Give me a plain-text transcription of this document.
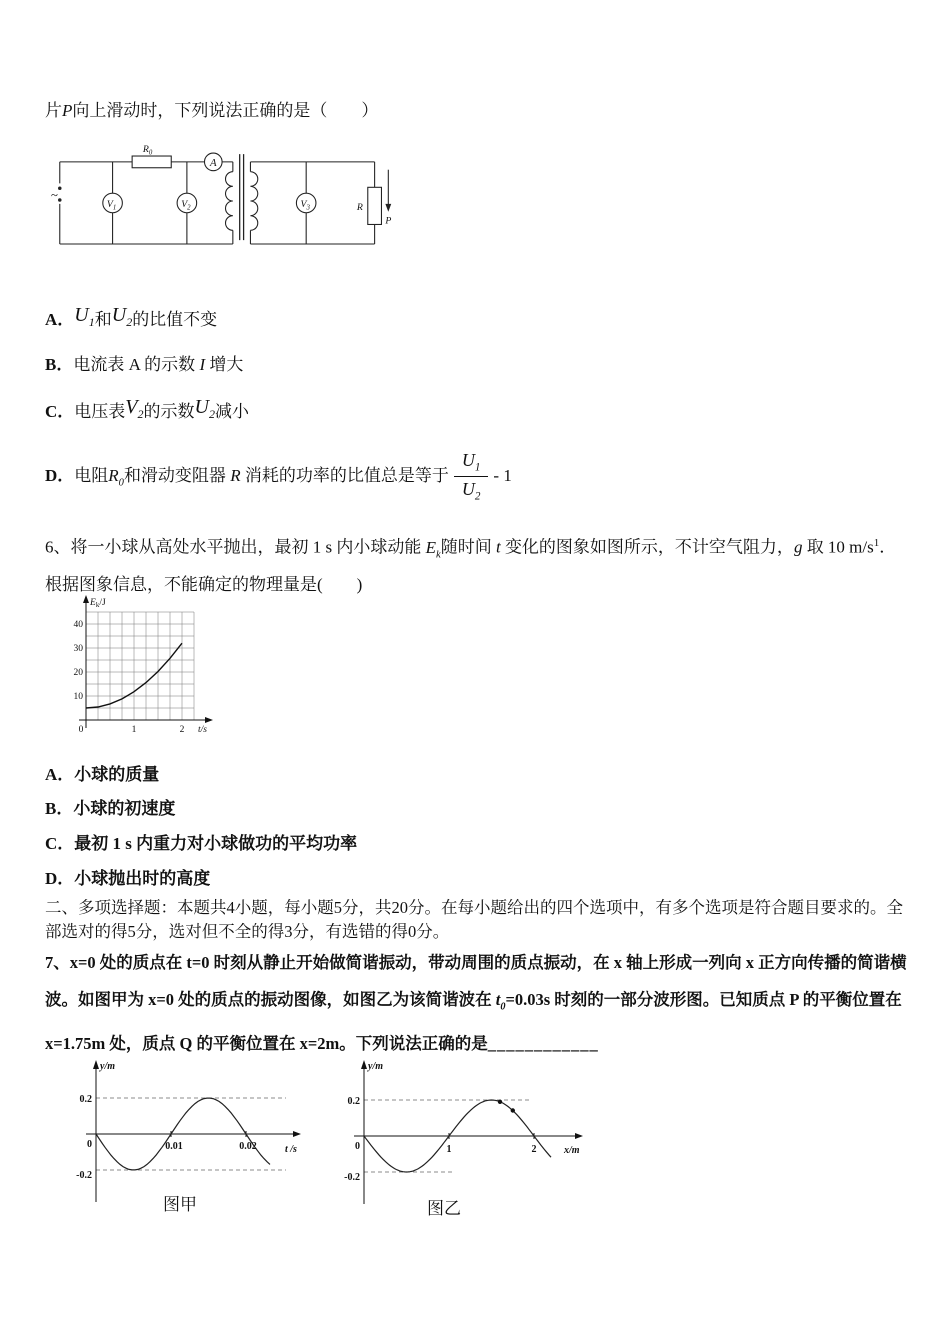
片P向上滑动时，下列说法正确的是（　　）
~
$R_0$
A
$V_1$	$V_2$	$V_3$	R
P
A．$U_1$和$U_2$的比值不变
B．电流表 A 的示数 I 增大
C．电压表$V_2$的示数$U_2$减小
D．电阻$R_0$和滑动变阻器 R 消耗的功率的比值总是等于 $\frac{U_1}{U_2} - 1$
6、将一小球从高处水平抛出，最初 1 s 内小球动能 $E_k$随时间 t 变化的图象如图所示，不计空气阻力，g 取 10 $m/s^1$．根据图象信息，不能确定的物理量是(　　)
$E_k/J$
40
30
20
10
0	1	2 t/s
A．小球的质量
B．小球的初速度
C．最初 1 s 内重力对小球做功的平均功率
D．小球抛出时的高度
二、多项选择题：本题共4小题，每小题5分，共20分。在每小题给出的四个选项中，有多个选项是符合题目要求的。全部选对的得5分，选对但不全的得3分，有选错的得0分。
7、x=0 处的质点在 t=0 时刻从静止开始做简谐振动，带动周围的质点振动，在 x 轴上形成一列向 x 正方向传播的简谐横波。如图甲为 x=0 处的质点的振动图像，如图乙为该简谐波在 $t_0=0.03s$ 时刻的一部分波形图。已知质点 P 的平衡位置在 x=1.75m 处，质点 Q 的平衡位置在 x=2m。下列说法正确的是____________
y/m
0.2
-0.2
0	0.01	0.02	t /s
y/m
0.2
-0.2
0	1	2	x/m
图甲	图乙
